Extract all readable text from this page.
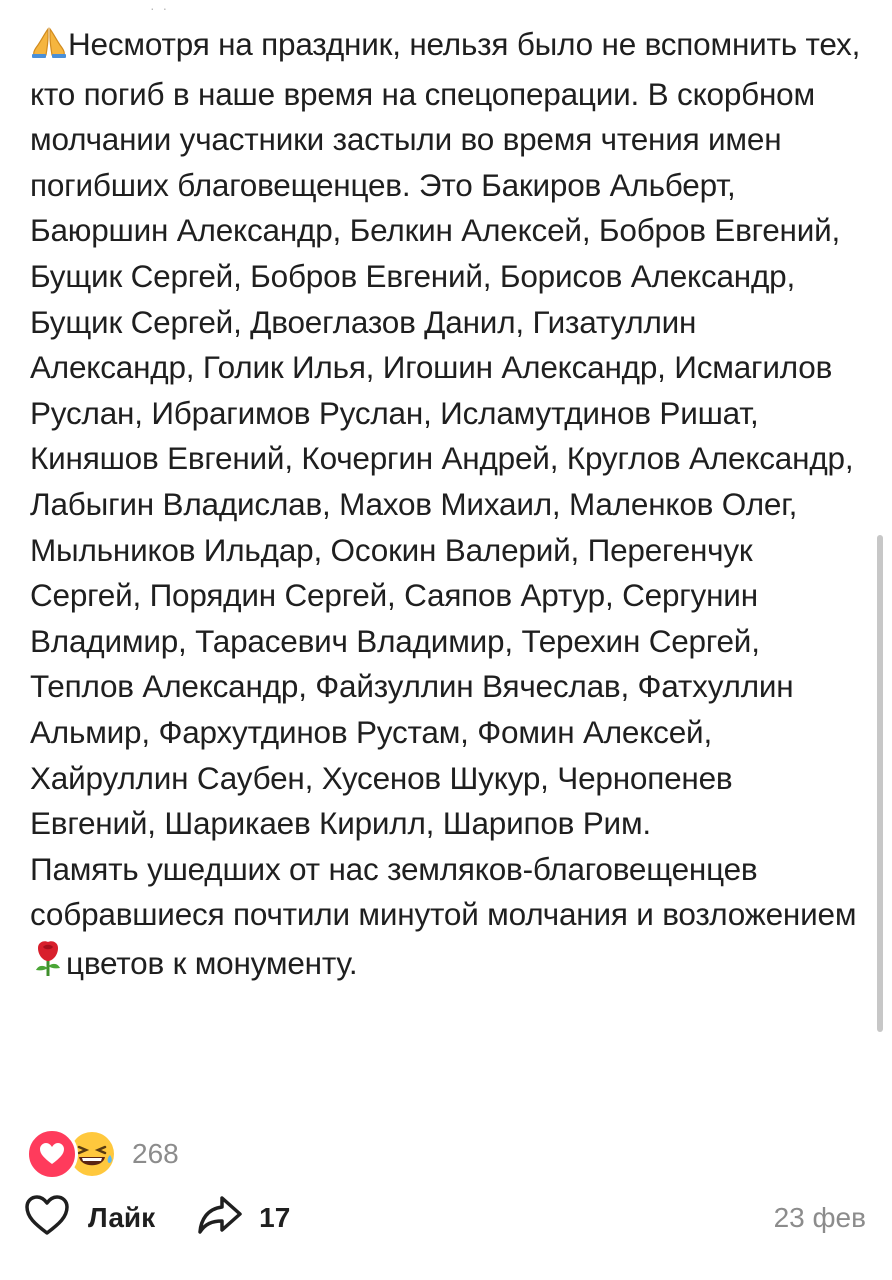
· ·

Несмотря на праздник, нельзя было не вспомнить тех, кто погиб в наше время на спецоперации. В скорбном молчании участники застыли во время чтения имен погибших благовещенцев. Это Бакиров Альберт, Баюршин Александр, Белкин Алексей, Бобров Евгений, Бущик Сергей, Бобров Евгений, Борисов Александр, Бущик Сергей, Двоеглазов Данил, Гизатуллин Александр, Голик Илья, Игошин Александр, Исмагилов Руслан, Ибрагимов Руслан, Исламутдинов Ришат, Киняшов Евгений, Кочергин Андрей, Круглов Александр, Лабыгин Владислав, Махов Михаил, Маленков Олег, Мыльников Ильдар, Осокин Валерий, Перегенчук Сергей, Порядин Сергей, Саяпов Артур, Сергунин Владимир, Тарасевич Владимир, Терехин Сергей, Теплов Александр, Файзуллин Вячеслав, Фатхуллин Альмир, Фархутдинов Рустам, Фомин Алексей, Хайруллин Саубен, Хусенов Шукур, Чернопенев Евгений, Шарикаев Кирилл, Шарипов Рим.

Память ушедших от нас земляков-благовещенцев собравшиеся почтили минутой молчания и возложением цветов к монументу.

268
Лайк	17	23 фев
